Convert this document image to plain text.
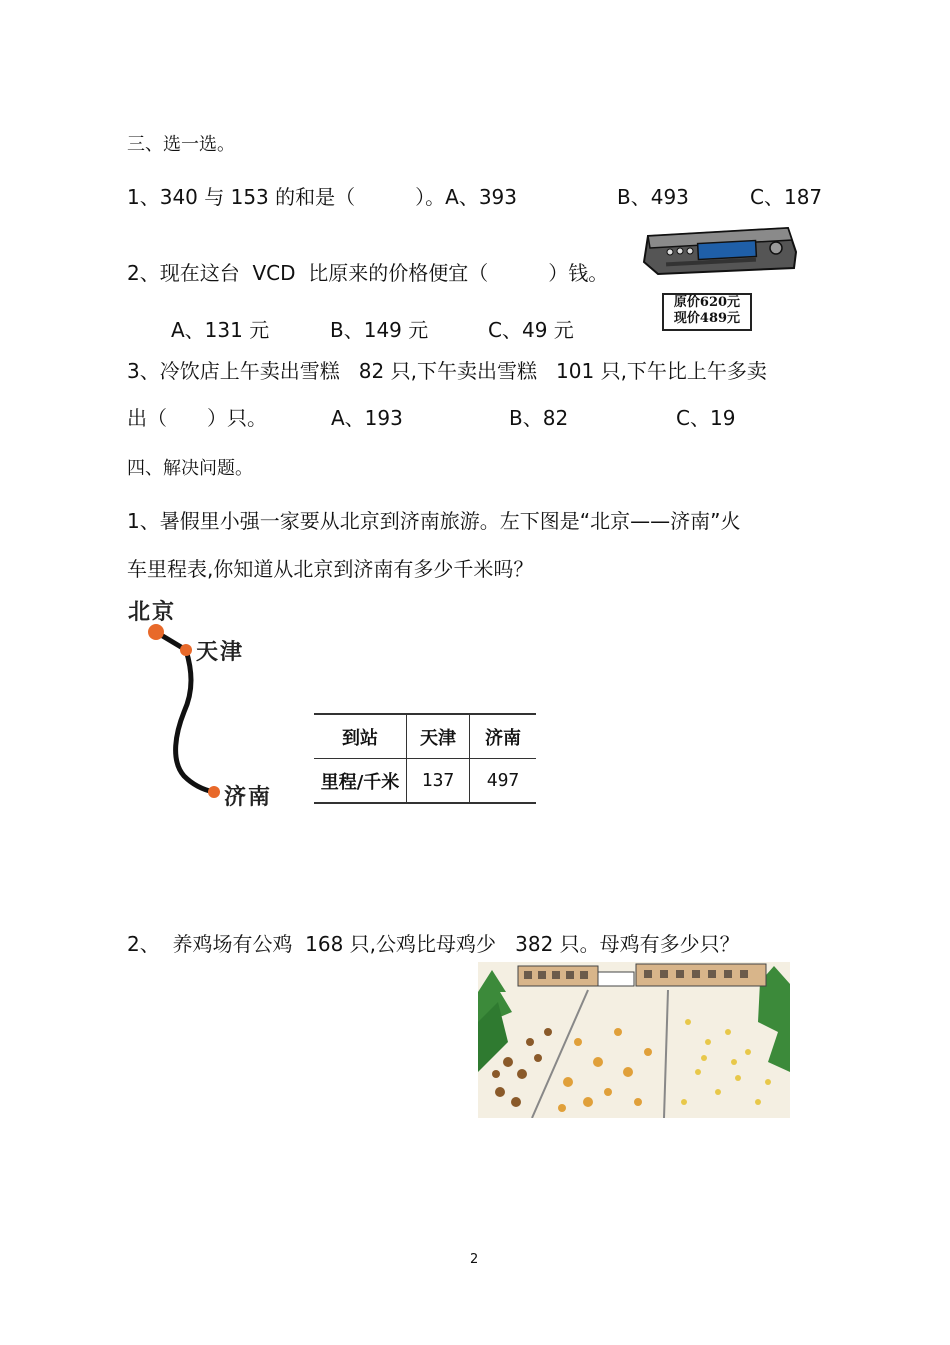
三、选一选。
1、340 与 153 的和是（　　　）。A、393	B、493	C、187
2、现在这台  VCD  比原来的价格便宜（　　　）钱。
原价620元
现价489元
A、131 元	B、149 元	C、49 元
3、冷饮店上午卖出雪糕   82 只,下午卖出雪糕   101 只,下午比上午多卖
出（　　）只。	A、193	B、82	C、19
四、解决问题。
1、暑假里小强一家要从北京到济南旅游。左下图是“北京——济南”火
车里程表,你知道从北京到济南有多少千米吗？
北京
天津
济南
到站	天津	济南
里程/千米	137	497
2、  养鸡场有公鸡  168 只,公鸡比母鸡少   382 只。母鸡有多少只？
2
